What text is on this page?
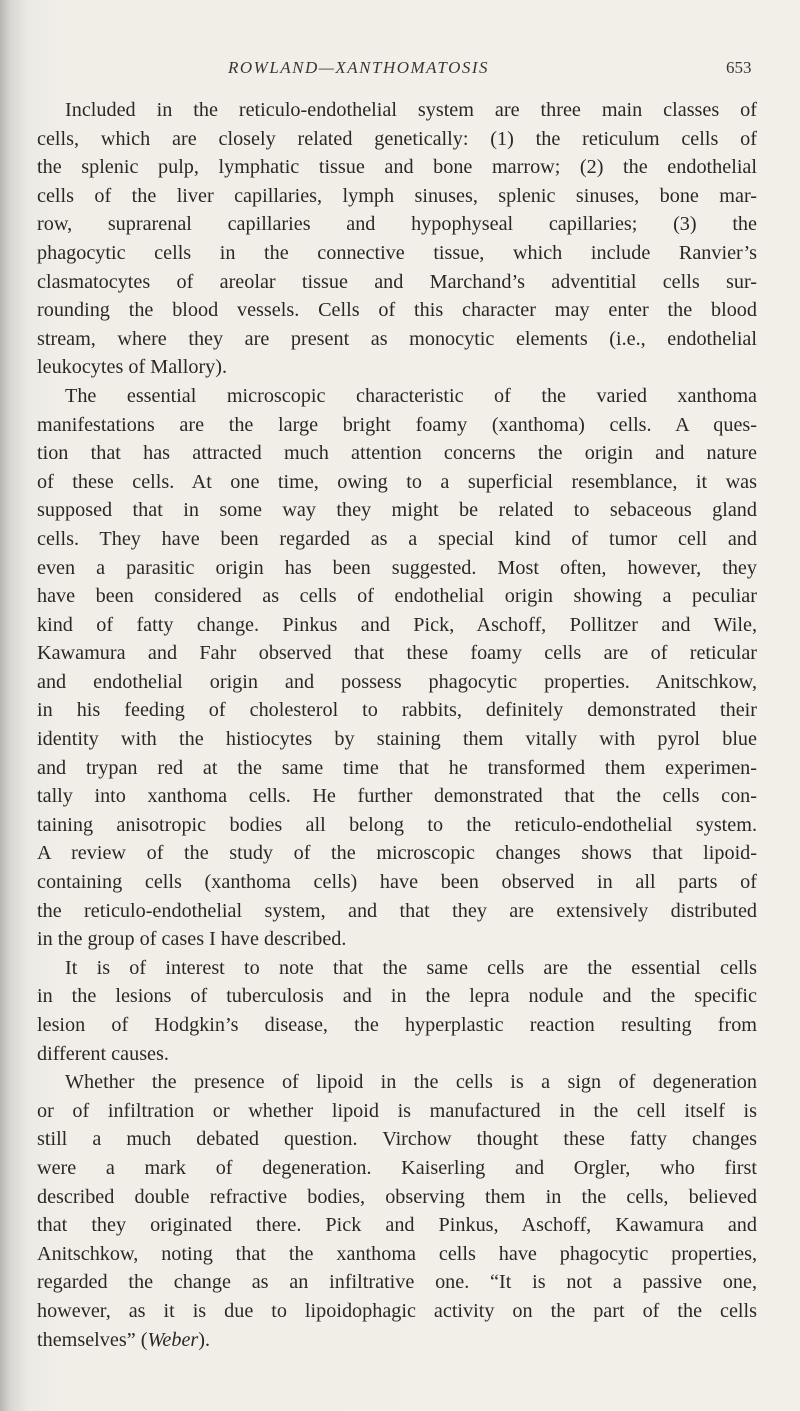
ROWLAND—XANTHOMATOSIS	653
Included in the reticulo-endothelial system are three main classes of
cells, which are closely related genetically: (1) the reticulum cells of
the splenic pulp, lymphatic tissue and bone marrow; (2) the endothelial
cells of the liver capillaries, lymph sinuses, splenic sinuses, bone mar-
row, suprarenal capillaries and hypophyseal capillaries; (3) the
phagocytic cells in the connective tissue, which include Ranvier’s
clasmatocytes of areolar tissue and Marchand’s adventitial cells sur-
rounding the blood vessels. Cells of this character may enter the blood
stream, where they are present as monocytic elements (i.e., endothelial
leukocytes of Mallory).
The essential microscopic characteristic of the varied xanthoma
manifestations are the large bright foamy (xanthoma) cells. A ques-
tion that has attracted much attention concerns the origin and nature
of these cells. At one time, owing to a superficial resemblance, it was
supposed that in some way they might be related to sebaceous gland
cells. They have been regarded as a special kind of tumor cell and
even a parasitic origin has been suggested. Most often, however, they
have been considered as cells of endothelial origin showing a peculiar
kind of fatty change. Pinkus and Pick, Aschoff, Pollitzer and Wile,
Kawamura and Fahr observed that these foamy cells are of reticular
and endothelial origin and possess phagocytic properties. Anitschkow,
in his feeding of cholesterol to rabbits, definitely demonstrated their
identity with the histiocytes by staining them vitally with pyrol blue
and trypan red at the same time that he transformed them experimen-
tally into xanthoma cells. He further demonstrated that the cells con-
taining anisotropic bodies all belong to the reticulo-endothelial system.
A review of the study of the microscopic changes shows that lipoid-
containing cells (xanthoma cells) have been observed in all parts of
the reticulo-endothelial system, and that they are extensively distributed
in the group of cases I have described.
It is of interest to note that the same cells are the essential cells
in the lesions of tuberculosis and in the lepra nodule and the specific
lesion of Hodgkin’s disease, the hyperplastic reaction resulting from
different causes.
Whether the presence of lipoid in the cells is a sign of degeneration
or of infiltration or whether lipoid is manufactured in the cell itself is
still a much debated question. Virchow thought these fatty changes
were a mark of degeneration. Kaiserling and Orgler, who first
described double refractive bodies, observing them in the cells, believed
that they originated there. Pick and Pinkus, Aschoff, Kawamura and
Anitschkow, noting that the xanthoma cells have phagocytic properties,
regarded the change as an infiltrative one. “It is not a passive one,
however, as it is due to lipoidophagic activity on the part of the cells
themselves” (Weber).
